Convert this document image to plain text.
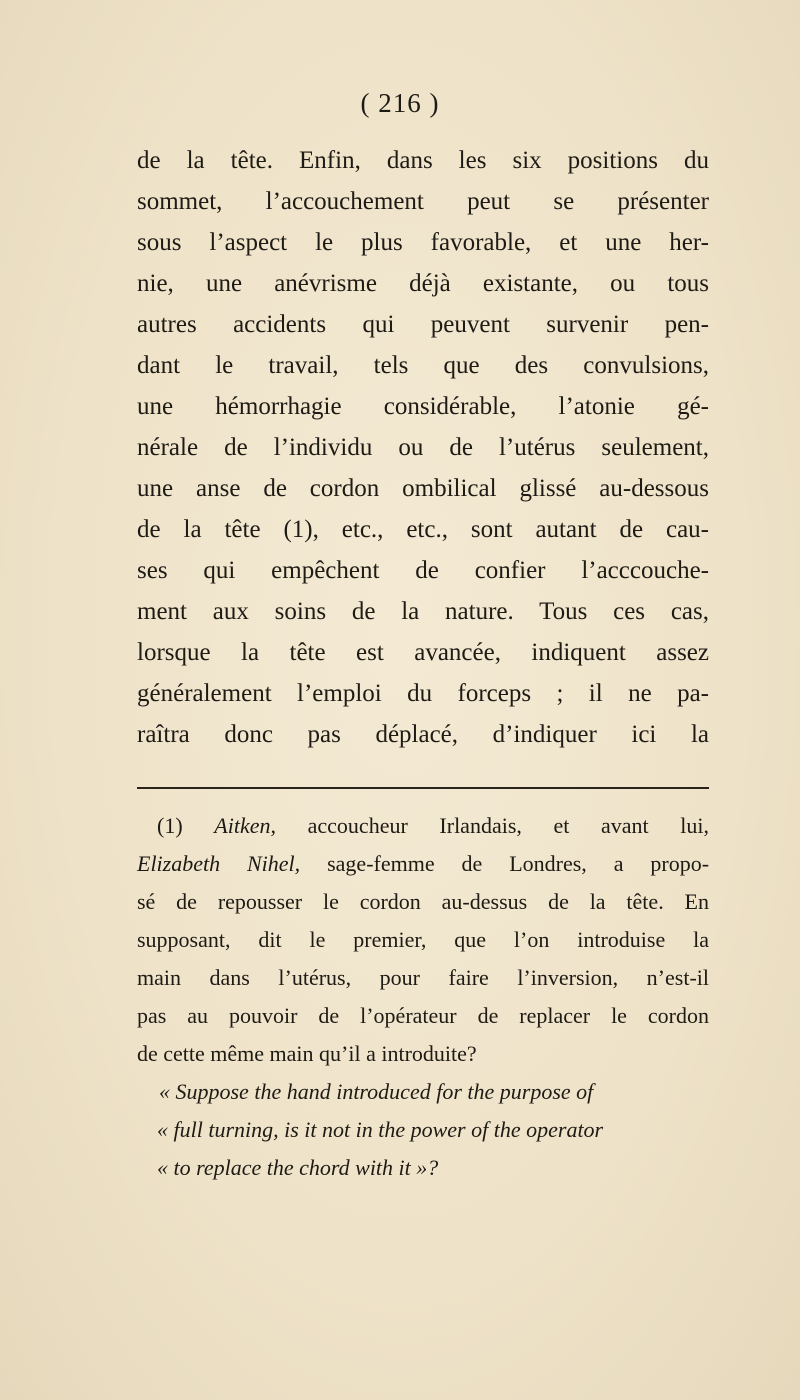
( 216 )
de la tête. Enfin, dans les six positions du
sommet, l’accouchement peut se présenter
sous l’aspect le plus favorable, et une her-
nie, une anévrisme déjà existante, ou tous
autres accidents qui peuvent survenir pen-
dant le travail, tels que des convulsions,
une hémorrhagie considérable, l’atonie gé-
nérale de l’individu ou de l’utérus seulement,
une anse de cordon ombilical glissé au-dessous
de la tête (1), etc., etc., sont autant de cau-
ses qui empêchent de confier l’acccouche-
ment aux soins de la nature. Tous ces cas,
lorsque la tête est avancée, indiquent assez
généralement l’emploi du forceps ; il ne pa-
raîtra donc pas déplacé, d’indiquer ici la
(1) Aitken, accoucheur Irlandais, et avant lui,
Elizabeth Nihel, sage-femme de Londres, a propo-
sé de repousser le cordon au-dessus de la tête. En
supposant, dit le premier, que l’on introduise la
main dans l’utérus, pour faire l’inversion, n’est-il
pas au pouvoir de l’opérateur de replacer le cordon
de cette même main qu’il a introduite?
« Suppose the hand introduced for the purpose of
« full turning, is it not in the power of the operator
« to replace the chord with it »?
